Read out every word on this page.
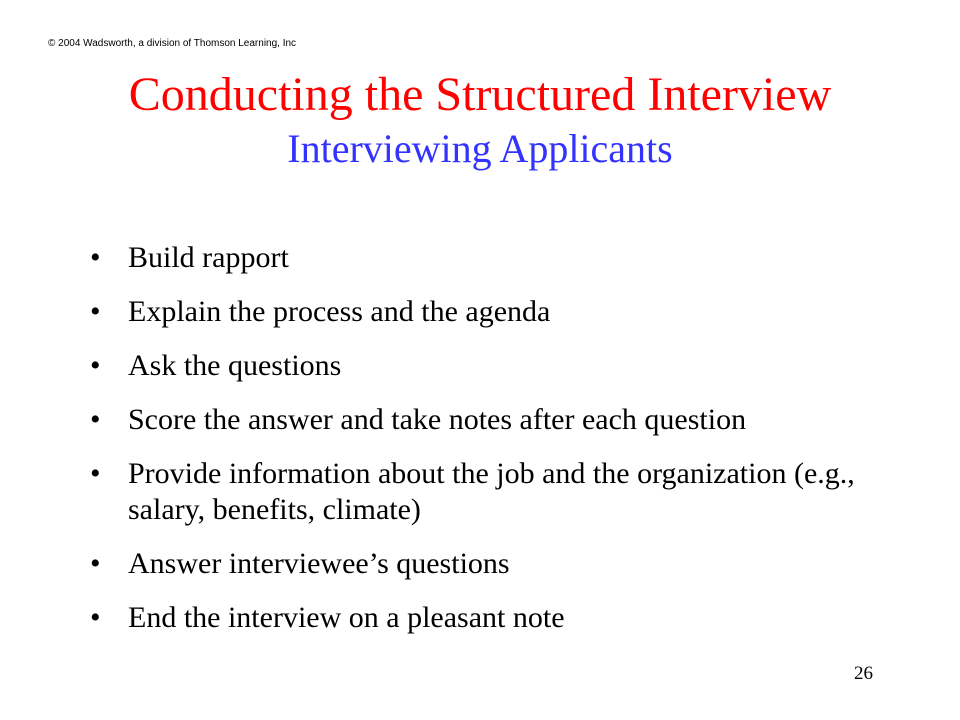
© 2004 Wadsworth, a division of Thomson Learning, Inc
Conducting the Structured Interview
Interviewing Applicants
• Build rapport
• Explain the process and the agenda
• Ask the questions
• Score the answer and take notes after each question
• Provide information about the job and the organization (e.g., salary, benefits, climate)
• Answer interviewee’s questions
• End the interview on a pleasant note
26
